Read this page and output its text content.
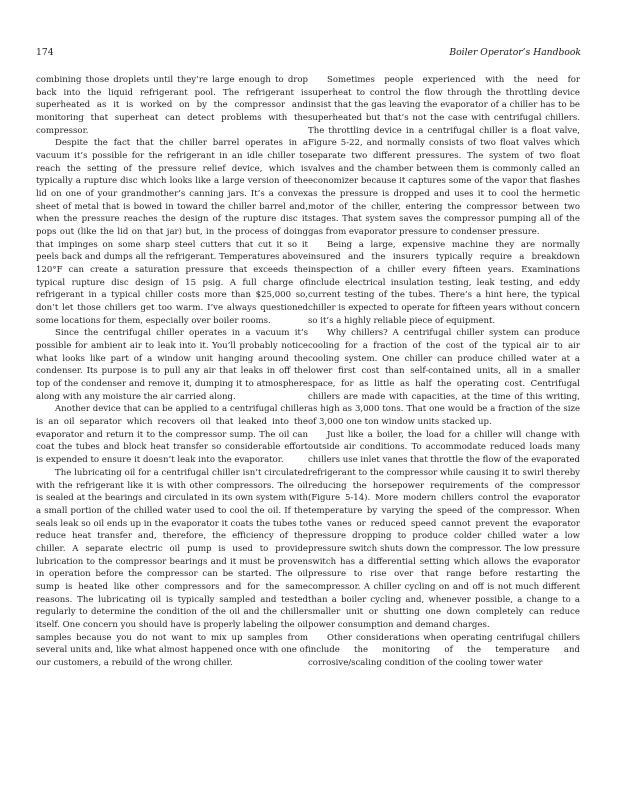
174	Boiler Operator’s Handbook

combining those droplets until they’re large enough to drop back into the liquid refrigerant pool. The refrigerant is superheated as it is worked on by the compressor and monitoring that superheat can detect problems with the compressor.

Despite the fact that the chiller barrel operates in a vacuum it’s possible for the refrigerant in an idle chiller to reach the setting of the pressure relief device, which is typically a rupture disc which looks like a large version of the lid on one of your grandmother’s canning jars. It’s a convex sheet of metal that is bowed in toward the chiller barrel and, when the pressure reaches the design of the rupture disc it pops out (like the lid on that jar) but, in the process of doing that impinges on some sharp steel cutters that cut it so it peels back and dumps all the refrigerant. Temperatures above 120°F can create a saturation pressure that exceeds the typical rupture disc design of 15 psig. A full charge of refrigerant in a typical chiller costs more than $25,000 so, don’t let those chillers get too warm. I’ve always questioned some locations for them, especially over boiler rooms.

Since the centrifugal chiller operates in a vacuum it’s possible for ambient air to leak into it. You’ll probably notice what looks like part of a window unit hanging around the condenser. Its purpose is to pull any air that leaks in off the top of the condenser and remove it, dumping it to atmosphere along with any moisture the air carried along.

Another device that can be applied to a centrifugal chiller is an oil separator which recovers oil that leaked into the evaporator and return it to the compressor sump. The oil can coat the tubes and block heat transfer so considerable effort is expended to ensure it doesn’t leak into the evaporator.

The lubricating oil for a centrifugal chiller isn’t circulated with the refrigerant like it is with other compressors. The oil is sealed at the bearings and circulated in its own system with a small portion of the chilled water used to cool the oil. If the seals leak so oil ends up in the evaporator it coats the tubes to reduce heat transfer and, therefore, the efficiency of the chiller. A separate electric oil pump is used to provide lubrication to the compressor bearings and it must be proven in operation before the compressor can be started. The oil sump is heated like other compressors and for the same reasons. The lubricating oil is typically sampled and tested regularly to determine the condition of the oil and the chiller itself. One concern you should have is properly labeling the oil samples because you do not want to mix up samples from several units and, like what almost happened once with one of our customers, a rebuild of the wrong chiller.

Sometimes people experienced with the need for superheat to control the flow through the throttling device insist that the gas leaving the evaporator of a chiller has to be superheated but that’s not the case with centrifugal chillers. The throttling device in a centrifugal chiller is a float valve, Figure 5-22, and normally consists of two float valves which separate two different pressures. The system of two float valves and the chamber between them is commonly called an economizer because it captures some of the vapor that flashes as the pressure is dropped and uses it to cool the hermetic motor of the chiller, entering the compressor between two stages. That system saves the compressor pumping all of the gas from evaporator pressure to condenser pressure.

Being a large, expensive machine they are normally insured and the insurers typically require a breakdown inspection of a chiller every fifteen years. Examinations include electrical insulation testing, leak testing, and eddy current testing of the tubes. There’s a hint here, the typical chiller is expected to operate for fifteen years without concern so it’s a highly reliable piece of equipment.

Why chillers? A centrifugal chiller system can produce cooling for a fraction of the cost of the typical air to air cooling system. One chiller can produce chilled water at a lower first cost than self-contained units, all in a smaller space, for as little as half the operating cost. Centrifugal chillers are made with capacities, at the time of this writing, as high as 3,000 tons. That one would be a fraction of the size of 3,000 one ton window units stacked up.

Just like a boiler, the load for a chiller will change with outside air conditions. To accommodate reduced loads many chillers use inlet vanes that throttle the flow of the evaporated refrigerant to the compressor while causing it to swirl thereby reducing the horsepower requirements of the compressor (Figure 5-14). More modern chillers control the evaporator temperature by varying the speed of the compressor. When the vanes or reduced speed cannot prevent the evaporator pressure dropping to produce colder chilled water a low pressure switch shuts down the compressor. The low pressure switch has a differential setting which allows the evaporator pressure to rise over that range before restarting the compressor. A chiller cycling on and off is not much different than a boiler cycling and, whenever possible, a change to a smaller unit or shutting one down completely can reduce power consumption and demand charges.

Other considerations when operating centrifugal chillers include the monitoring of the temperature and corrosive/scaling condition of the cooling tower water
